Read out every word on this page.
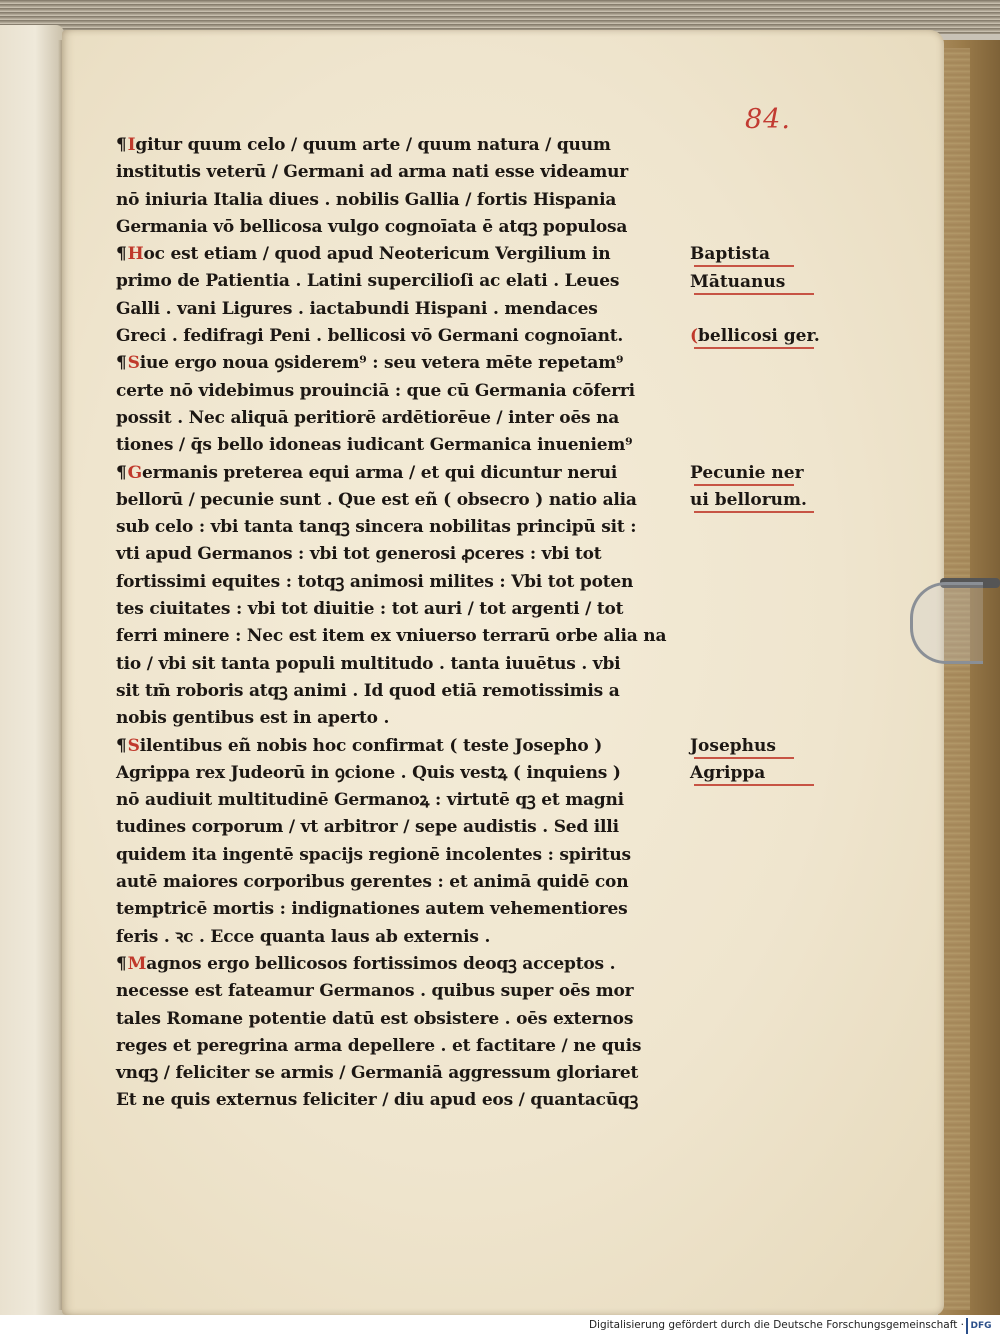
84.
¶Igitur quum celo / quum arte / quum natura / quum
institutis veterū / Germani ad arma nati esse videamur
nō iniuria Italia diues . nobilis Gallia / fortis Hispania
Germania vō bellicosa vulgo cognoīata ē atqꝫ populosa
¶Hoc est etiam / quod apud Neotericum Vergilium in
primo de Patientia . Latini supercilioſi ac elati . Leues
Galli . vani Ligures . iactabundi Hispani . mendaces
Greci . fedifragi Peni . bellicosi vō Germani cognoīant.
¶Siue ergo noua ꝯsiderem⁹ : seu vetera mēte repetam⁹
certe nō videbimus prouinciā : que cū Germania cōferri
possit . Nec aliquā peritiorē ardētiorēue / inter oēs na
tiones / q̄s bello idoneas iudicant Germanica inueniem⁹
¶Germanis preterea equi arma / et qui dicuntur nerui
bellorū / pecunie sunt . Que est eñ ( obsecro ) natio alia
sub celo : vbi tanta tanqꝫ sincera nobilitas principū sit :
vti apud Germanos : vbi tot generosi ꝓceres : vbi tot
fortissimi equites : totqꝫ animosi milites : Vbi tot poten
tes ciuitates : vbi tot diuitie : tot auri / tot argenti / tot
ferri minere : Nec est item ex vniuerso terrarū orbe alia na
tio / vbi sit tanta populi multitudo . tanta iuuētus . vbi
sit tm̄ roboris atqꝫ animi . Id quod etiā remotissimis a
nobis gentibus est in aperto .
¶Silentibus eñ nobis hoc confirmat ( teste Josepho )
Agrippa rex Judeorū in ꝯcione . Quis vestꝝ ( inquiens )
nō audiuit multitudinē Germanoꝝ : virtutē qꝫ et magni
tudines corporum / vt arbitror / sepe audistis . Sed illi
quidem ita ingentē spacijs regionē incolentes : spiritus
autē maiores corporibus gerentes : et animā quidē con
temptricē mortis : indignationes autem vehementiores
feris . ꝛc . Ecce quanta laus ab externis .
¶Magnos ergo bellicosos fortissimos deoqꝫ acceptos .
necesse est fateamur Germanos . quibus super oēs mor
tales Romane potentie datū est obsistere . oēs externos
reges et peregrina arma depellere . et factitare / ne quis
vnqꝫ / feliciter se armis / Germaniā aggressum gloriaret
Et ne quis externus feliciter / diu apud eos / quantacūqꝫ
Baptista
Mātuanus
(bellicosi ger.
Pecunie ner
ui bellorum.
Josephus
Agrippa
Digitalisierung gefördert durch die Deutsche Forschungsgemeinschaft · DFG
